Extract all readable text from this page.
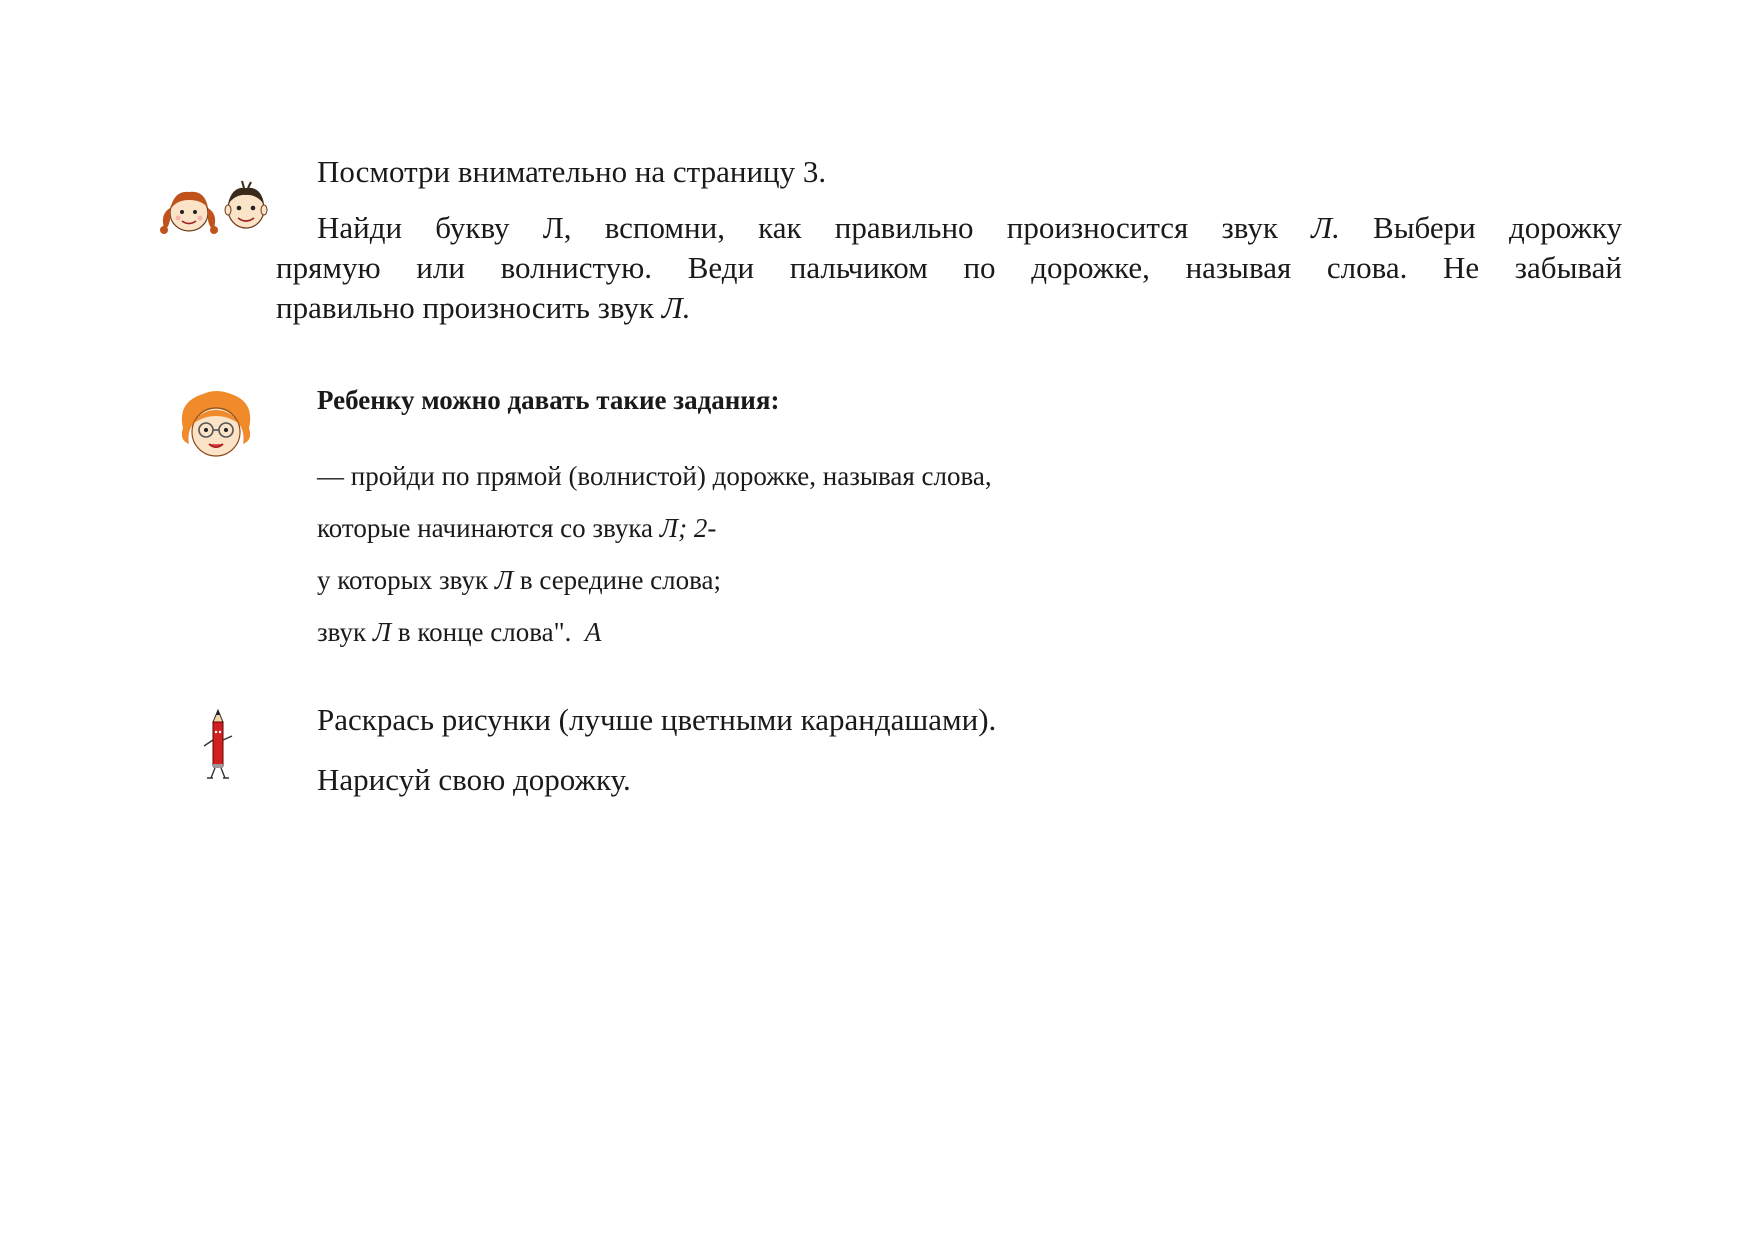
Посмотри внимательно на страницу 3.

Найди букву Л, вспомни, как правильно произносится звук Л. Выбери дорожку
прямую или волнистую. Веди пальчиком по дорожке, называя слова. Не забывай
правильно произносить звук Л.

Ребенку можно давать такие задания:

— пройди по прямой (волнистой) дорожке, называя слова,

которые начинаются со звука Л; 2-

у которых звук Л в середине слова;

звук Л в конце слова".  А

Раскрась рисунки (лучше цветными карандашами).

Нарисуй свою дорожку.
